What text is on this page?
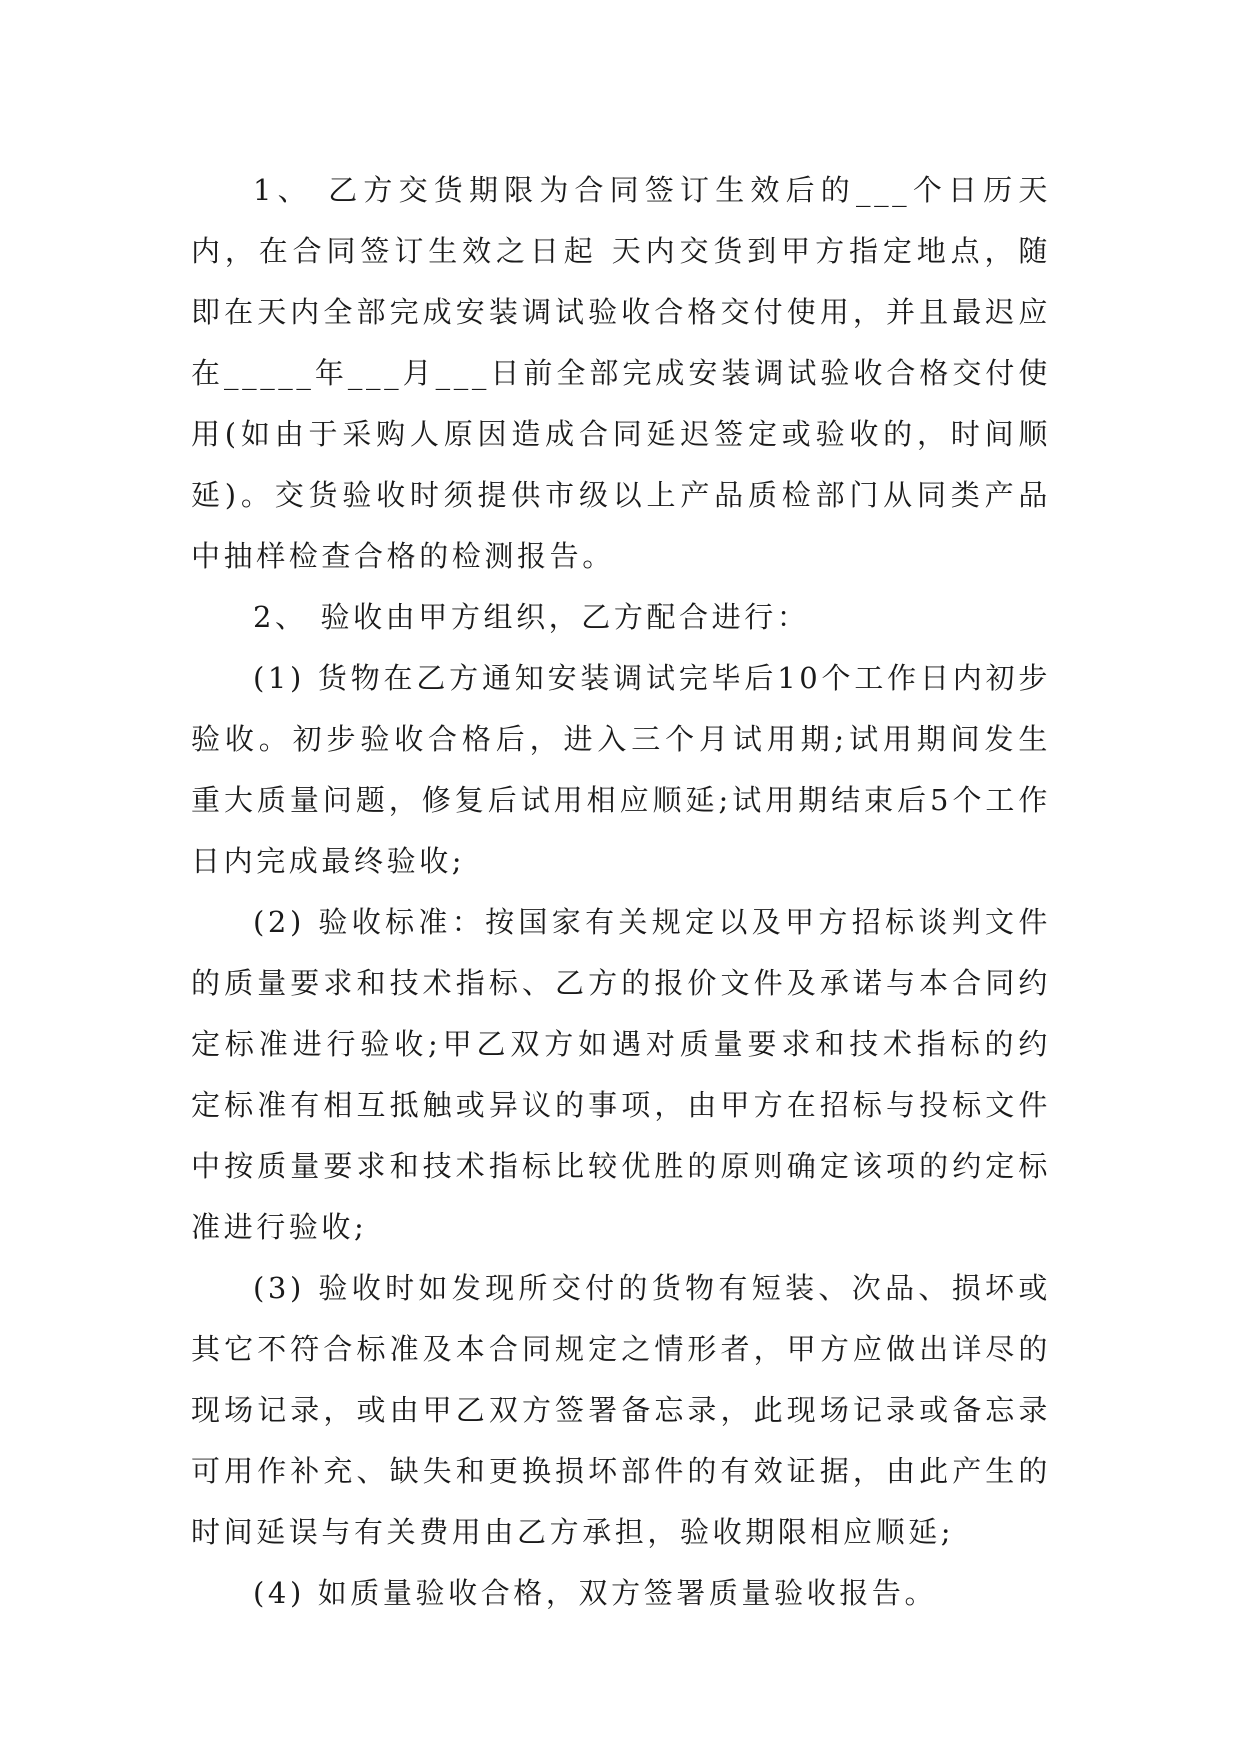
1、 乙方交货期限为合同签订生效后的___个日历天内，在合同签订生效之日起 天内交货到甲方指定地点，随即在天内全部完成安装调试验收合格交付使用，并且最迟应在_____年___月___日前全部完成安装调试验收合格交付使用(如由于采购人原因造成合同延迟签定或验收的，时间顺延)。交货验收时须提供市级以上产品质检部门从同类产品中抽样检查合格的检测报告。

2、 验收由甲方组织，乙方配合进行：

(1) 货物在乙方通知安装调试完毕后10个工作日内初步验收。初步验收合格后，进入三个月试用期;试用期间发生重大质量问题，修复后试用相应顺延;试用期结束后5个工作日内完成最终验收;

(2) 验收标准：按国家有关规定以及甲方招标谈判文件的质量要求和技术指标、乙方的报价文件及承诺与本合同约定标准进行验收;甲乙双方如遇对质量要求和技术指标的约定标准有相互抵触或异议的事项，由甲方在招标与投标文件中按质量要求和技术指标比较优胜的原则确定该项的约定标准进行验收;

(3) 验收时如发现所交付的货物有短装、次品、损坏或其它不符合标准及本合同规定之情形者，甲方应做出详尽的现场记录，或由甲乙双方签署备忘录，此现场记录或备忘录可用作补充、缺失和更换损坏部件的有效证据，由此产生的时间延误与有关费用由乙方承担，验收期限相应顺延;

(4) 如质量验收合格，双方签署质量验收报告。
